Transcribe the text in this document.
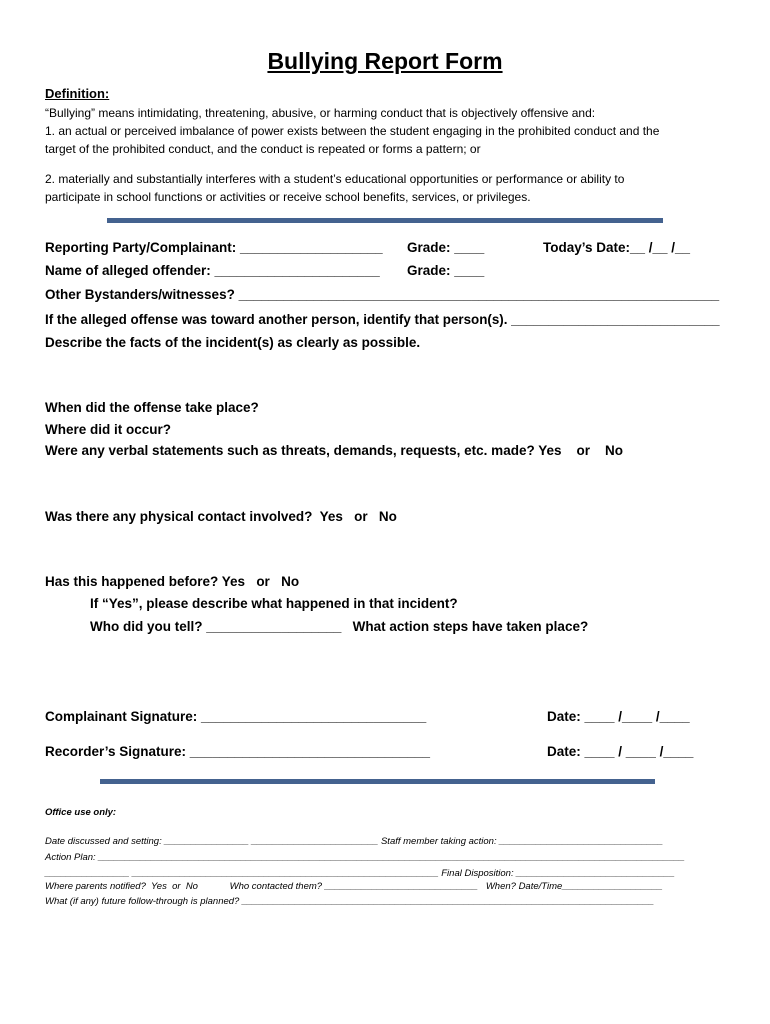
Bullying Report Form
Definition:
“Bullying” means intimidating, threatening, abusive, or harming conduct that is objectively offensive and:
1. an actual or perceived imbalance of power exists between the student engaging in the prohibited conduct and the
target of the prohibited conduct, and the conduct is repeated or forms a pattern; or
2. materially and substantially interferes with a student’s educational opportunities or performance or ability to
participate in school functions or activities or receive school benefits, services, or privileges.
Reporting Party/Complainant: ___________________ Grade: ____	Today’s Date:__ /__ /__
Name of alleged offender: ______________________ Grade: ____
Other Bystanders/witnesses? ________________________________________________________________
If the alleged offense was toward another person, identify that person(s). ____________________________
Describe the facts of the incident(s) as clearly as possible.
When did the offense take place?
Where did it occur?
Were any verbal statements such as threats, demands, requests, etc. made? Yes    or    No
Was there any physical contact involved?  Yes   or   No
Has this happened before? Yes   or   No
If “Yes”, please describe what happened in that incident?
Who did you tell? __________________   What action steps have taken place?
Complainant Signature: ______________________________	Date: ____ /____ /____
Recorder’s Signature: ________________________________	Date: ____ / ____ /____
Office use only:
Date discussed and setting: ________________ ________________________ Staff member taking action: _______________________________
Action Plan: _______________________________________________________________________________________________________________
________________ __________________________________________________________ Final Disposition: ______________________________
Where parents notified?  Yes  or  No            Who contacted them? _____________________________   When? Date/Time___________________
What (if any) future follow-through is planned? ______________________________________________________________________________
